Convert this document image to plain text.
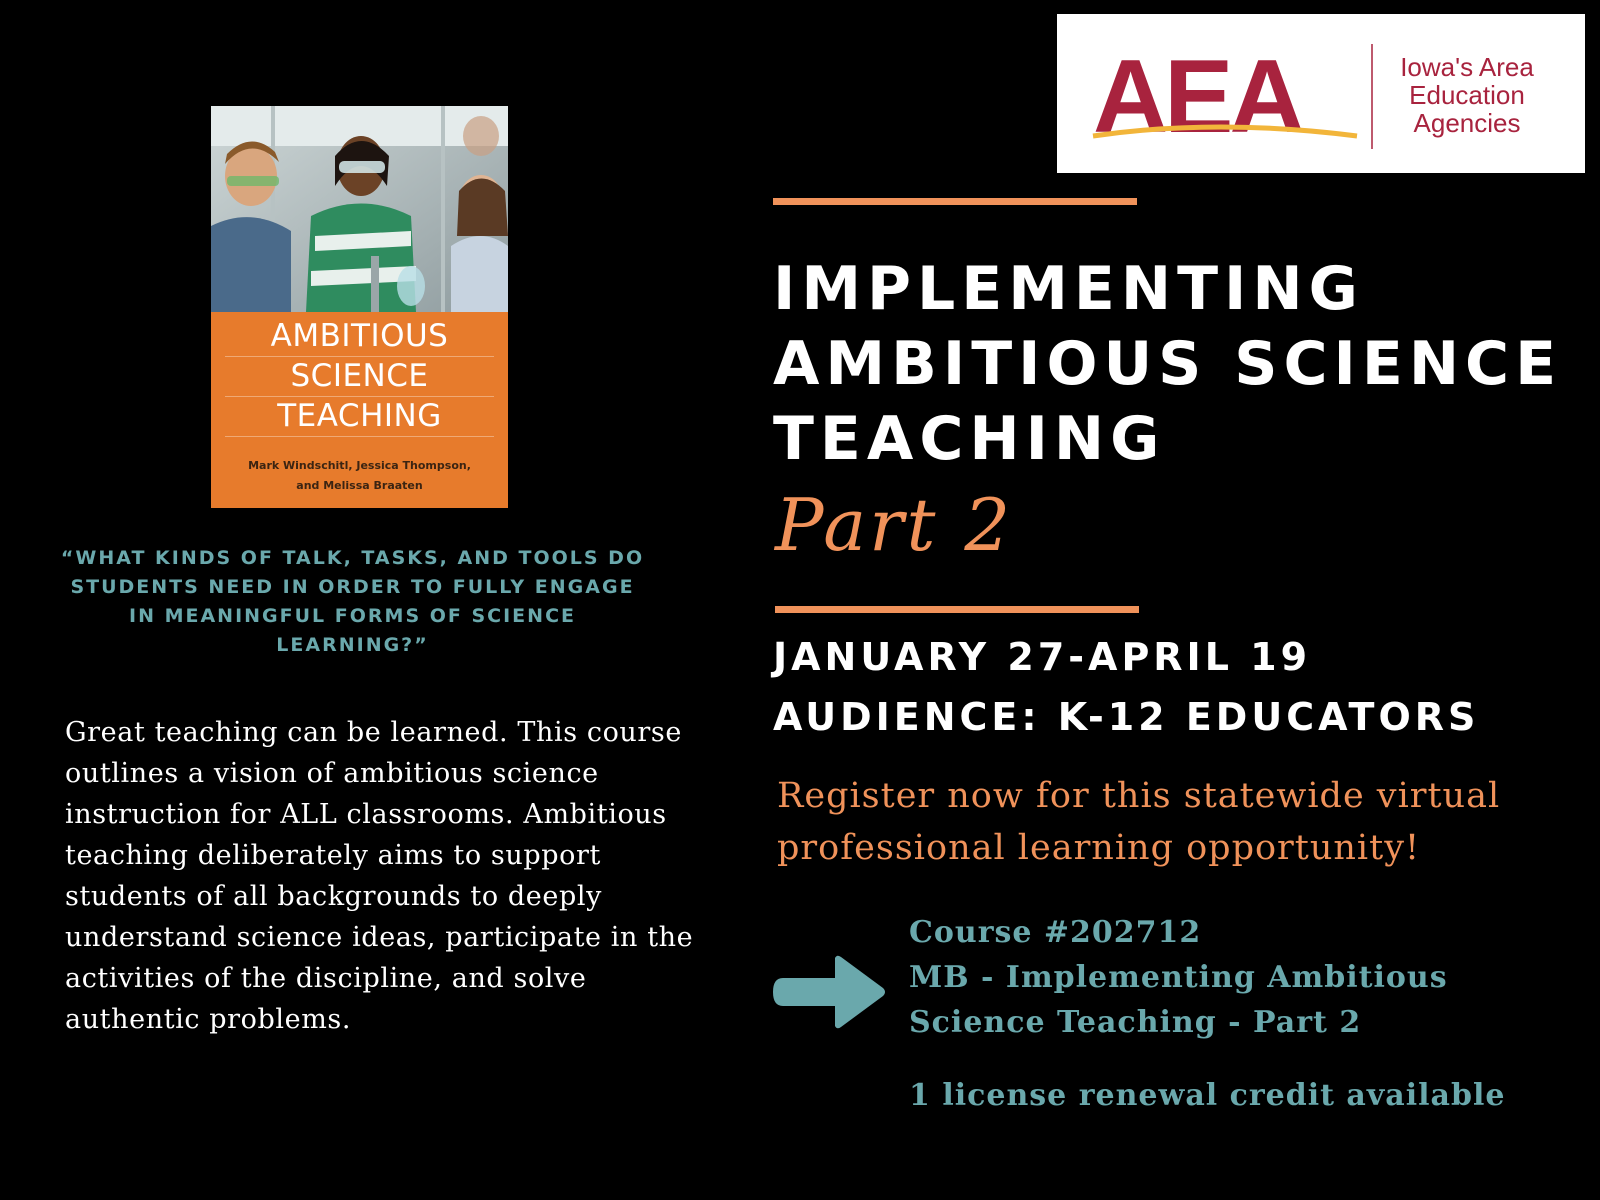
AEA	Iowa's Area
Education
Agencies
AMBITIOUS
SCIENCE
TEACHING
Mark Windschitl, Jessica Thompson,
and Melissa Braaten
“WHAT KINDS OF TALK, TASKS, AND TOOLS DO STUDENTS NEED IN ORDER TO FULLY ENGAGE IN MEANINGFUL FORMS OF SCIENCE LEARNING?”
Great teaching can be learned. This course outlines a vision of ambitious science instruction for ALL classrooms. Ambitious teaching deliberately aims to support students of all backgrounds to deeply understand science ideas, participate in the activities of the discipline, and solve authentic problems.
IMPLEMENTING
AMBITIOUS SCIENCE
TEACHING
Part 2
JANUARY 27-APRIL 19
AUDIENCE: K-12 EDUCATORS
Register now for this statewide virtual professional learning opportunity!
Course #202712
MB - Implementing Ambitious
Science Teaching - Part 2
1 license renewal credit available
